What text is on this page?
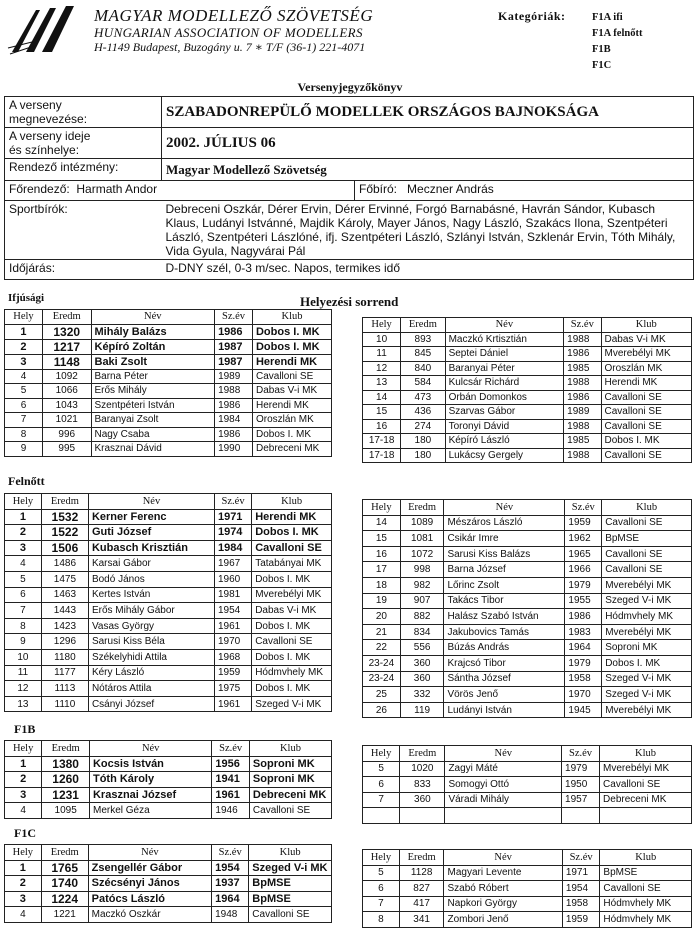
MAGYAR MODELLEZŐ SZÖVETSÉG
HUNGARIAN ASSOCIATION OF MODELLERS
H-1149 Budapest, Buzogány u. 7 ∗ T/F (36-1) 221-4071
Kategóriák:	F1A ifi
F1A felnőtt
F1B
F1C
Versenyjegyzőkönyv
A verseny
megnevezése:	SZABADONREPÜLŐ MODELLEK ORSZÁGOS BAJNOKSÁGA	
A verseny ideje
és színhelye:	2002. JÚLIUS 06	
Rendező intézmény:	Magyar Modellező Szövetség	
Főrendező: Harmath Andor		Főbíró: Meczner András
Sportbírók:	Debreceni Oszkár, Dérer Ervin, Dérer Ervinné, Forgó Barnabásné, Havrán Sándor, Kubasch Klaus, Ludányi Istvánné, Majdik Károly, Mayer János, Nagy László, Szakács Ilona, Szentpéteri László, Szentpéteri Lászlóné, ifj. Szentpéteri László, Szlányi István, Szklenár Ervin, Tóth Mihály, Vida Gyula, Nagyvárai Pál	
Időjárás:	D-DNY szél, 0-3 m/sec. Napos, termikes idő	
Ifjúsági	Helyezési sorrend
Felnőtt
F1B
F1C
Hely	Eredm	Név	Sz.év	Klub
1	1320	Mihály Balázs	1986	Dobos I. MK
2	1217	Képíró Zoltán	1987	Dobos I. MK
3	1148	Baki Zsolt	1987	Herendi MK
4	1092	Barna Péter	1989	Cavalloni SE
5	1066	Erős Mihály	1988	Dabas V-i MK
6	1043	Szentpéteri István	1986	Herendi MK
7	1021	Baranyai Zsolt	1984	Oroszlán MK
8	996	Nagy Csaba	1986	Dobos I. MK
9	995	Krasznai Dávid	1990	Debreceni MK
Hely	Eredm	Név	Sz.év	Klub
10	893	Maczkó Krtisztián	1988	Dabas V-i MK
11	845	Septei Dániel	1986	Mverebélyi MK
12	840	Baranyai Péter	1985	Oroszlán MK
13	584	Kulcsár Richárd	1988	Herendi MK
14	473	Orbán Domonkos	1986	Cavalloni SE
15	436	Szarvas Gábor	1989	Cavalloni SE
16	274	Toronyi Dávid	1988	Cavalloni SE
17-18	180	Képíró László	1985	Dobos I. MK
17-18	180	Lukácsy Gergely	1988	Cavalloni SE
Hely	Eredm	Név	Sz.év	Klub
1	1532	Kerner Ferenc	1971	Herendi MK
2	1522	Guti József	1974	Dobos I. MK
3	1506	Kubasch Krisztián	1984	Cavalloni SE
4	1486	Karsai Gábor	1967	Tatabányai MK
5	1475	Bodó János	1960	Dobos I. MK
6	1463	Kertes István	1981	Mverebélyi MK
7	1443	Erős Mihály Gábor	1954	Dabas V-i MK
8	1423	Vasas György	1961	Dobos I. MK
9	1296	Sarusi Kiss Béla	1970	Cavalloni SE
10	1180	Székelyhidi Attila	1968	Dobos I. MK
11	1177	Kéry László	1959	Hódmvhely MK
12	1113	Nótáros Attila	1975	Dobos I. MK
13	1110	Csányi József	1961	Szeged V-i MK
Hely	Eredm	Név	Sz.év	Klub
14	1089	Mészáros László	1959	Cavalloni SE
15	1081	Csikár Imre	1962	BpMSE
16	1072	Sarusi Kiss Balázs	1965	Cavalloni SE
17	998	Barna József	1966	Cavalloni SE
18	982	Lőrinc Zsolt	1979	Mverebélyi MK
19	907	Takács Tibor	1955	Szeged V-i MK
20	882	Halász Szabó István	1986	Hódmvhely MK
21	834	Jakubovics Tamás	1983	Mverebélyi MK
22	556	Búzás András	1964	Soproni MK
23-24	360	Krajcsó Tibor	1979	Dobos I. MK
23-24	360	Sántha József	1958	Szeged V-i MK
25	332	Vörös Jenő	1970	Szeged V-i MK
26	119	Ludányi István	1945	Mverebélyi MK
Hely	Eredm	Név	Sz.év	Klub
1	1380	Kocsis István	1956	Soproni MK
2	1260	Tóth Károly	1941	Soproni MK
3	1231	Krasznai József	1961	Debreceni MK
4	1095	Merkel Géza	1946	Cavalloni SE
Hely	Eredm	Név	Sz.év	Klub
5	1020	Zagyi Máté	1979	Mverebélyi MK
6	833	Somogyi Ottó	1950	Cavalloni SE
7	360	Váradi Mihály	1957	Debreceni MK

Hely	Eredm	Név	Sz.év	Klub
1	1765	Zsengellér Gábor	1954	Szeged V-i MK
2	1740	Szécsényi János	1937	BpMSE
3	1224	Patócs László	1964	BpMSE
4	1221	Maczkó Oszkár	1948	Cavalloni SE
Hely	Eredm	Név	Sz.év	Klub
5	1128	Magyari Levente	1971	BpMSE
6	827	Szabó Róbert	1954	Cavalloni SE
7	417	Napkori György	1958	Hódmvhely MK
8	341	Zombori Jenő	1959	Hódmvhely MK
